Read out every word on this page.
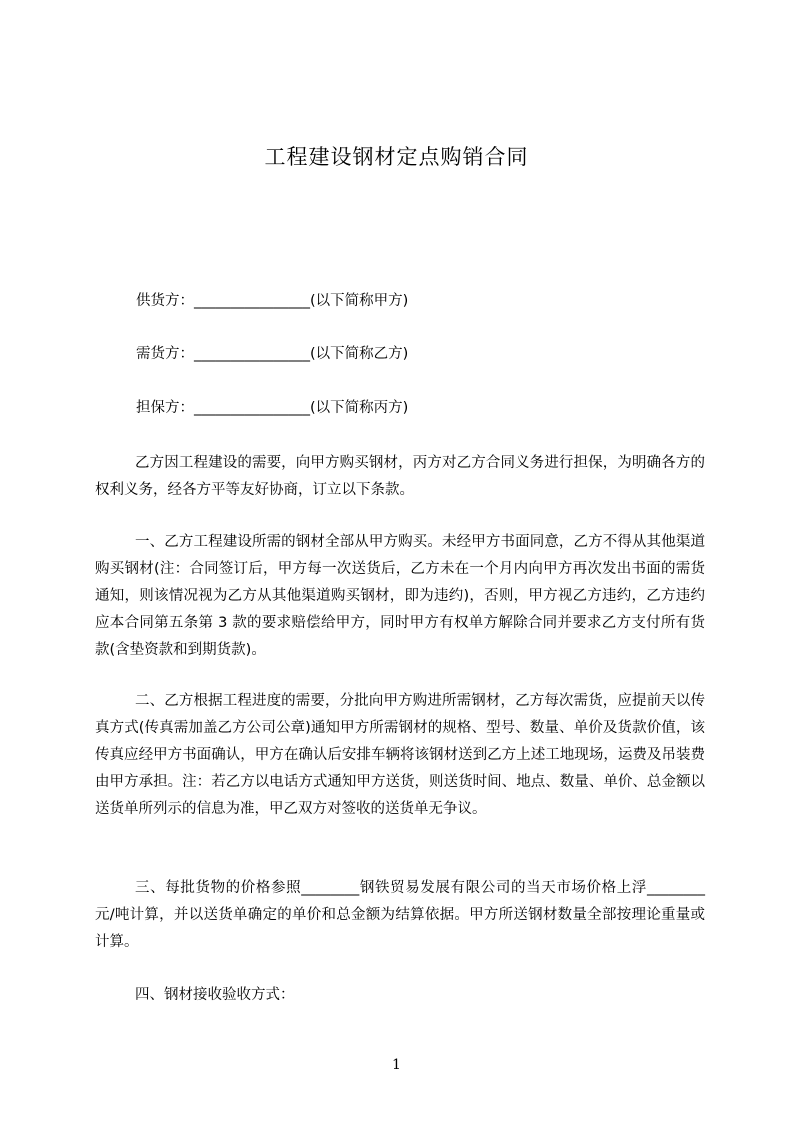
工程建设钢材定点购销合同
供货方：________________(以下简称甲方)
需货方：________________(以下简称乙方)
担保方：________________(以下简称丙方)

乙方因工程建设的需要，向甲方购买钢材，丙方对乙方合同义务进行担保，为明确各方的权利义务，经各方平等友好协商，订立以下条款。

一、乙方工程建设所需的钢材全部从甲方购买。未经甲方书面同意，乙方不得从其他渠道购买钢材(注：合同签订后，甲方每一次送货后，乙方未在一个月内向甲方再次发出书面的需货通知，则该情况视为乙方从其他渠道购买钢材，即为违约)，否则，甲方视乙方违约，乙方违约应本合同第五条第 3 款的要求赔偿给甲方，同时甲方有权单方解除合同并要求乙方支付所有货款(含垫资款和到期货款)。

二、乙方根据工程进度的需要，分批向甲方购进所需钢材，乙方每次需货，应提前天以传真方式(传真需加盖乙方公司公章)通知甲方所需钢材的规格、型号、数量、单价及货款价值，该传真应经甲方书面确认，甲方在确认后安排车辆将该钢材送到乙方上述工地现场，运费及吊装费由甲方承担。注：若乙方以电话方式通知甲方送货，则送货时间、地点、数量、单价、总金额以送货单所列示的信息为准，甲乙双方对签收的送货单无争议。

三、每批货物的价格参照________钢铁贸易发展有限公司的当天市场价格上浮________元/吨计算，并以送货单确定的单价和总金额为结算依据。甲方所送钢材数量全部按理论重量或计算。

四、钢材接收验收方式：

1
